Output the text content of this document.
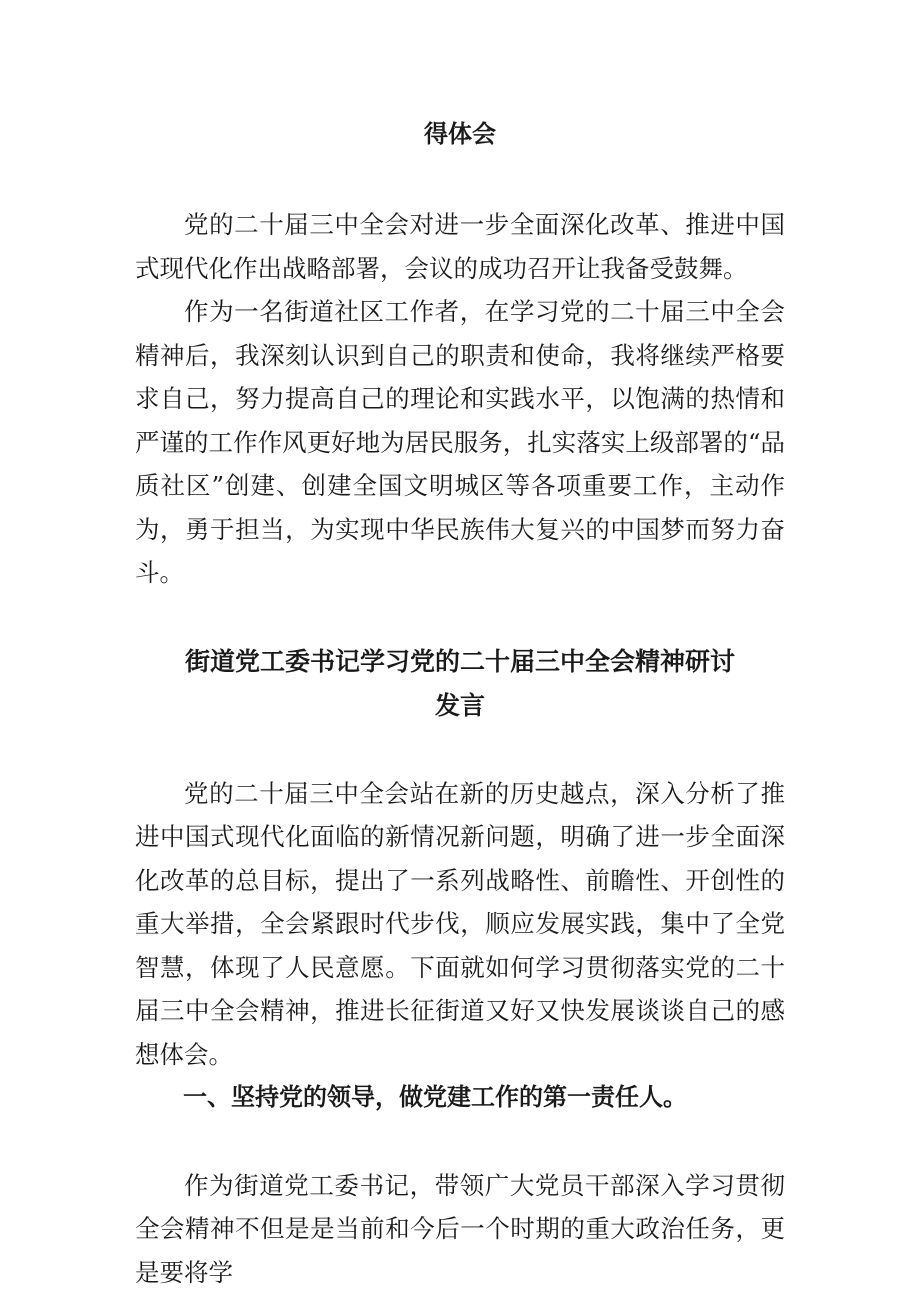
得体会

党的二十届三中全会对进一步全面深化改革、推进中国式现代化作出战略部署，会议的成功召开让我备受鼓舞。

作为一名街道社区工作者，在学习党的二十届三中全会精神后，我深刻认识到自己的职责和使命，我将继续严格要求自己，努力提高自己的理论和实践水平，以饱满的热情和严谨的工作作风更好地为居民服务，扎实落实上级部署的“品质社区”创建、创建全国文明城区等各项重要工作，主动作为，勇于担当，为实现中华民族伟大复兴的中国梦而努力奋斗。

街道党工委书记学习党的二十届三中全会精神研讨发言

党的二十届三中全会站在新的历史越点，深入分析了推进中国式现代化面临的新情况新问题，明确了进一步全面深化改革的总目标，提出了一系列战略性、前瞻性、开创性的重大举措，全会紧跟时代步伐，顺应发展实践，集中了全党智慧，体现了人民意愿。下面就如何学习贯彻落实党的二十届三中全会精神，推进长征街道又好又快发展谈谈自己的感想体会。

一、坚持党的领导，做党建工作的第一责任人。

作为街道党工委书记，带领广大党员干部深入学习贯彻全会精神不但是是当前和今后一个时期的重大政治任务，更是要将学
